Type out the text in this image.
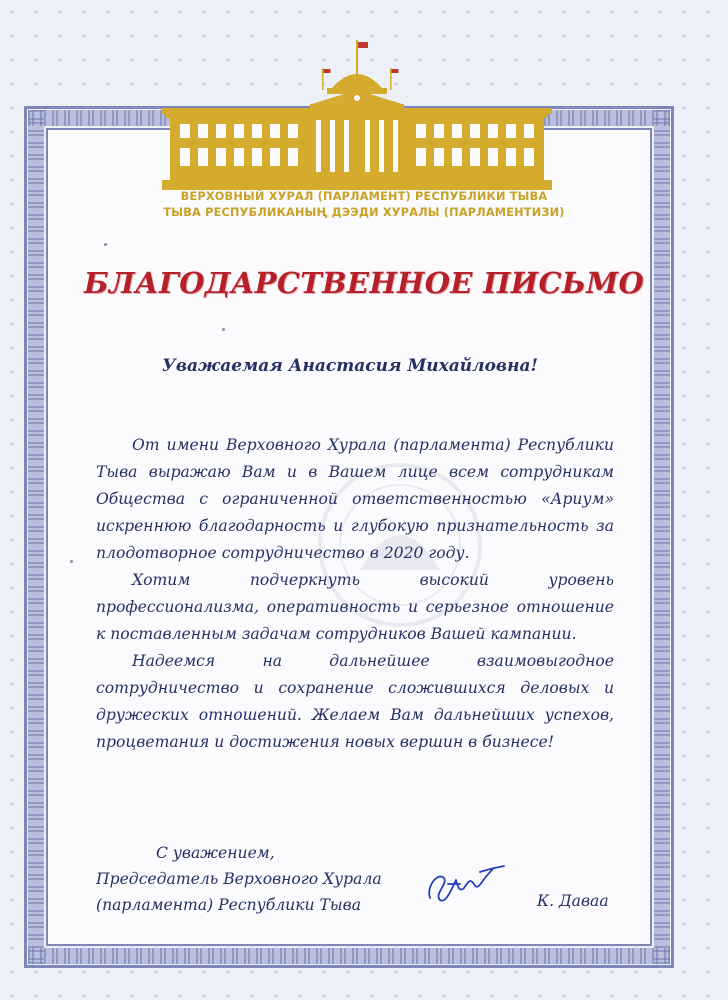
ВЕРХОВНЫЙ ХУРАЛ (ПАРЛАМЕНТ) РЕСПУБЛИКИ ТЫВА
ТЫВА РЕСПУБЛИКАНЫҢ ДЭЭДИ ХУРАЛЫ (ПАРЛАМЕНТИЗИ)
БЛАГОДАРСТВЕННОЕ ПИСЬМО
Уважаемая Анастасия Михайловна!

От имени Верховного Хурала (парламента) Республики Тыва выражаю Вам и в Вашем лице всем сотрудникам Общества с ограниченной ответственностью «Ариум» искреннюю благодарность и глубокую признательность за плодотворное сотрудничество в 2020 году.

Хотим подчеркнуть высокий уровень профессионализма, оперативность и серьезное отношение к поставленным задачам сотрудников Вашей кампании.

Надеемся на дальнейшее взаимовыгодное сотрудничество и сохранение сложившихся деловых и дружеских отношений. Желаем Вам дальнейших успехов, процветания и достижения новых вершин в бизнесе!

С уважением,
Председатель Верховного Хурала
(парламента) Республики Тыва	К. Даваа
